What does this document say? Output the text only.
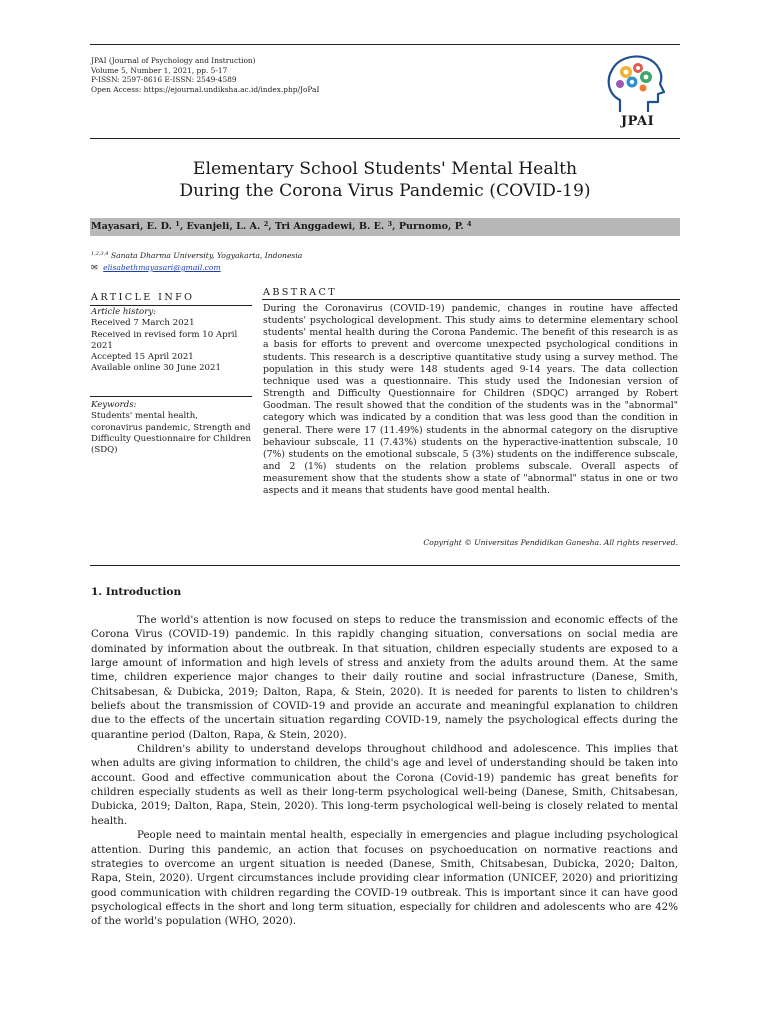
JPAI (Journal of Psychology and Instruction)
Volume 5, Number 1, 2021, pp. 5-17
P-ISSN: 2597-8616 E-ISSN: 2549-4589
Open Access: https://ejournal.undiksha.ac.id/index.php/JoPaI
JPAI
Elementary School Students' Mental Health
During the Corona Virus Pandemic (COVID-19)
Mayasari, E. D. $^1$, Evanjeli, L. A. $^2$, Tri Anggadewi, B. E. $^3$, Purnomo, P. $^4$
$^{1,2,3,4}$ Sanata Dharma University, Yogyakarta, Indonesia
✉ elisabethmayasari@gmail.com
ARTICLE INFO
Article history:
Received 7 March 2021
Received in revised form 10 April 2021
Accepted 15 April 2021
Available online 30 June 2021
Keywords:
Students' mental health, coronavirus pandemic, Strength and Difficulty Questionnaire for Children (SDQ)
ABSTRACT
During the Coronavirus (COVID-19) pandemic, changes in routine have affected students' psychological development. This study aims to determine elementary school students' mental health during the Corona Pandemic. The benefit of this research is as a basis for efforts to prevent and overcome unexpected psychological conditions in students. This research is a descriptive quantitative study using a survey method. The population in this study were 148 students aged 9-14 years. The data collection technique used was a questionnaire. This study used the Indonesian version of Strength and Difficulty Questionnaire for Children (SDQC) arranged by Robert Goodman. The result showed that the condition of the students was in the "abnormal" category which was indicated by a condition that was less good than the condition in general. There were 17 (11.49%) students in the abnormal category on the disruptive behaviour subscale, 11 (7.43%) students on the hyperactive-inattention subscale, 10 (7%) students on the emotional subscale, 5 (3%) students on the indifference subscale, and 2 (1%) students on the relation problems subscale. Overall aspects of measurement show that the students show a state of "abnormal" status in one or two aspects and it means that students have good mental health.
Copyright © Universitas Pendidikan Ganesha. All rights reserved.
1. Introduction

The world's attention is now focused on steps to reduce the transmission and economic effects of the Corona Virus (COVID-19) pandemic. In this rapidly changing situation, conversations on social media are dominated by information about the outbreak. In that situation, children especially students are exposed to a large amount of information and high levels of stress and anxiety from the adults around them. At the same time, children experience major changes to their daily routine and social infrastructure (Danese, Smith, Chitsabesan, & Dubicka, 2019; Dalton, Rapa, & Stein, 2020). It is needed for parents to listen to children's beliefs about the transmission of COVID-19 and provide an accurate and meaningful explanation to children due to the effects of the uncertain situation regarding COVID-19, namely the psychological effects during the quarantine period (Dalton, Rapa, & Stein, 2020).

Children's ability to understand develops throughout childhood and adolescence. This implies that when adults are giving information to children, the child's age and level of understanding should be taken into account. Good and effective communication about the Corona (Covid-19) pandemic has great benefits for children especially students as well as their long-term psychological well-being (Danese, Smith, Chitsabesan, Dubicka, 2019; Dalton, Rapa, Stein, 2020). This long-term psychological well-being is closely related to mental health.

People need to maintain mental health, especially in emergencies and plague including psychological attention. During this pandemic, an action that focuses on psychoeducation on normative reactions and strategies to overcome an urgent situation is needed (Danese, Smith, Chitsabesan, Dubicka, 2020; Dalton, Rapa, Stein, 2020). Urgent circumstances include providing clear information (UNICEF, 2020) and prioritizing good communication with children regarding the COVID-19 outbreak. This is important since it can have good psychological effects in the short and long term situation, especially for children and adolescents who are 42% of the world's population (WHO, 2020).
